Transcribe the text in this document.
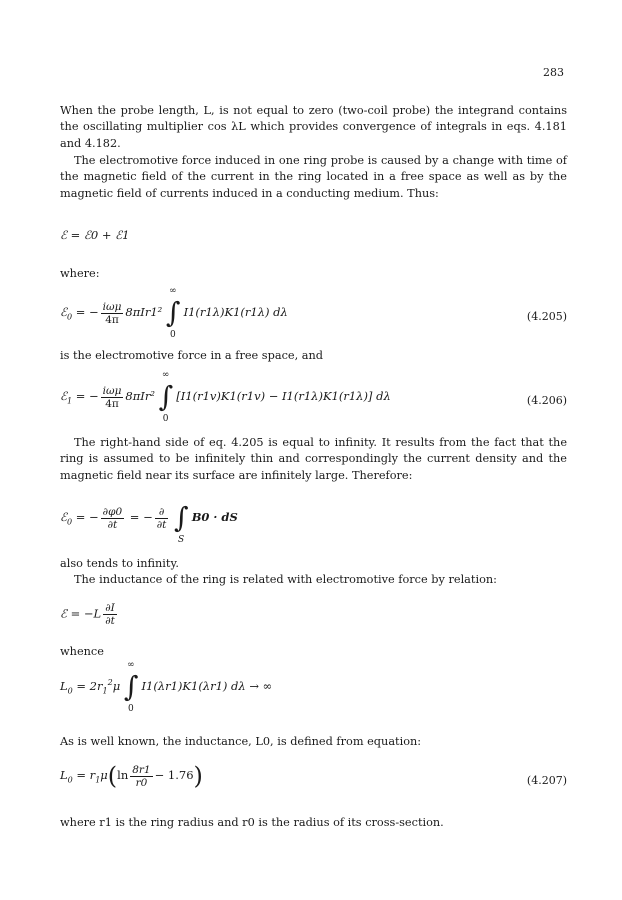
283

When the probe length, L, is not equal to zero (two-coil probe) the integrand contains the oscillating multiplier cos λL which provides convergence of integrals in eqs. 4.181 and 4.182.

The electromotive force induced in one ring probe is caused by a change with time of the magnetic field of the current in the ring located in a free space as well as by the magnetic field of currents induced in a conducting medium. Thus:

ℰ = ℰ0 + ℰ1

where:

ℰ$_0$ = − $\frac{\text{iωμ}}{4\pi} 8\pi Ir1^2$
∞
∫
0
I1(r1λ)K1(r1λ) dλ	(4.205)

is the electromotive force in a free space, and

ℰ$_1$ = − $\frac{\text{iωμ}}{4\pi} 8\pi Ir^2$
∞
∫
0
[I1(r1v)K1(r1v) − I1(r1λ)K1(r1λ)] dλ	(4.206)

The right-hand side of eq. 4.205 is equal to infinity. It results from the fact that the ring is assumed to be infinitely thin and correspondingly the current density and the magnetic field near its surface are infinitely large. Therefore:

ℰ$_0$ = − $\frac{\partial\varphi 0}{\partial t}$ = − $\frac{\partial}{\partial t}$ ∫
S
B0 · dS

also tends to infinity.

The inductance of the ring is related with electromotive force by relation:

ℰ = $-L \frac{\partial I}{\partial t}$

whence

$L_0 = 2r_1^2\mu$
∞
∫
0
I1(λr1)K1(λr1) dλ → ∞

As is well known, the inductance, L0, is defined from equation:

$L_0 = r_1\mu(\ln \frac{8r1}{r0} - 1.76)$	(4.207)

where r1 is the ring radius and r0 is the radius of its cross-section.
